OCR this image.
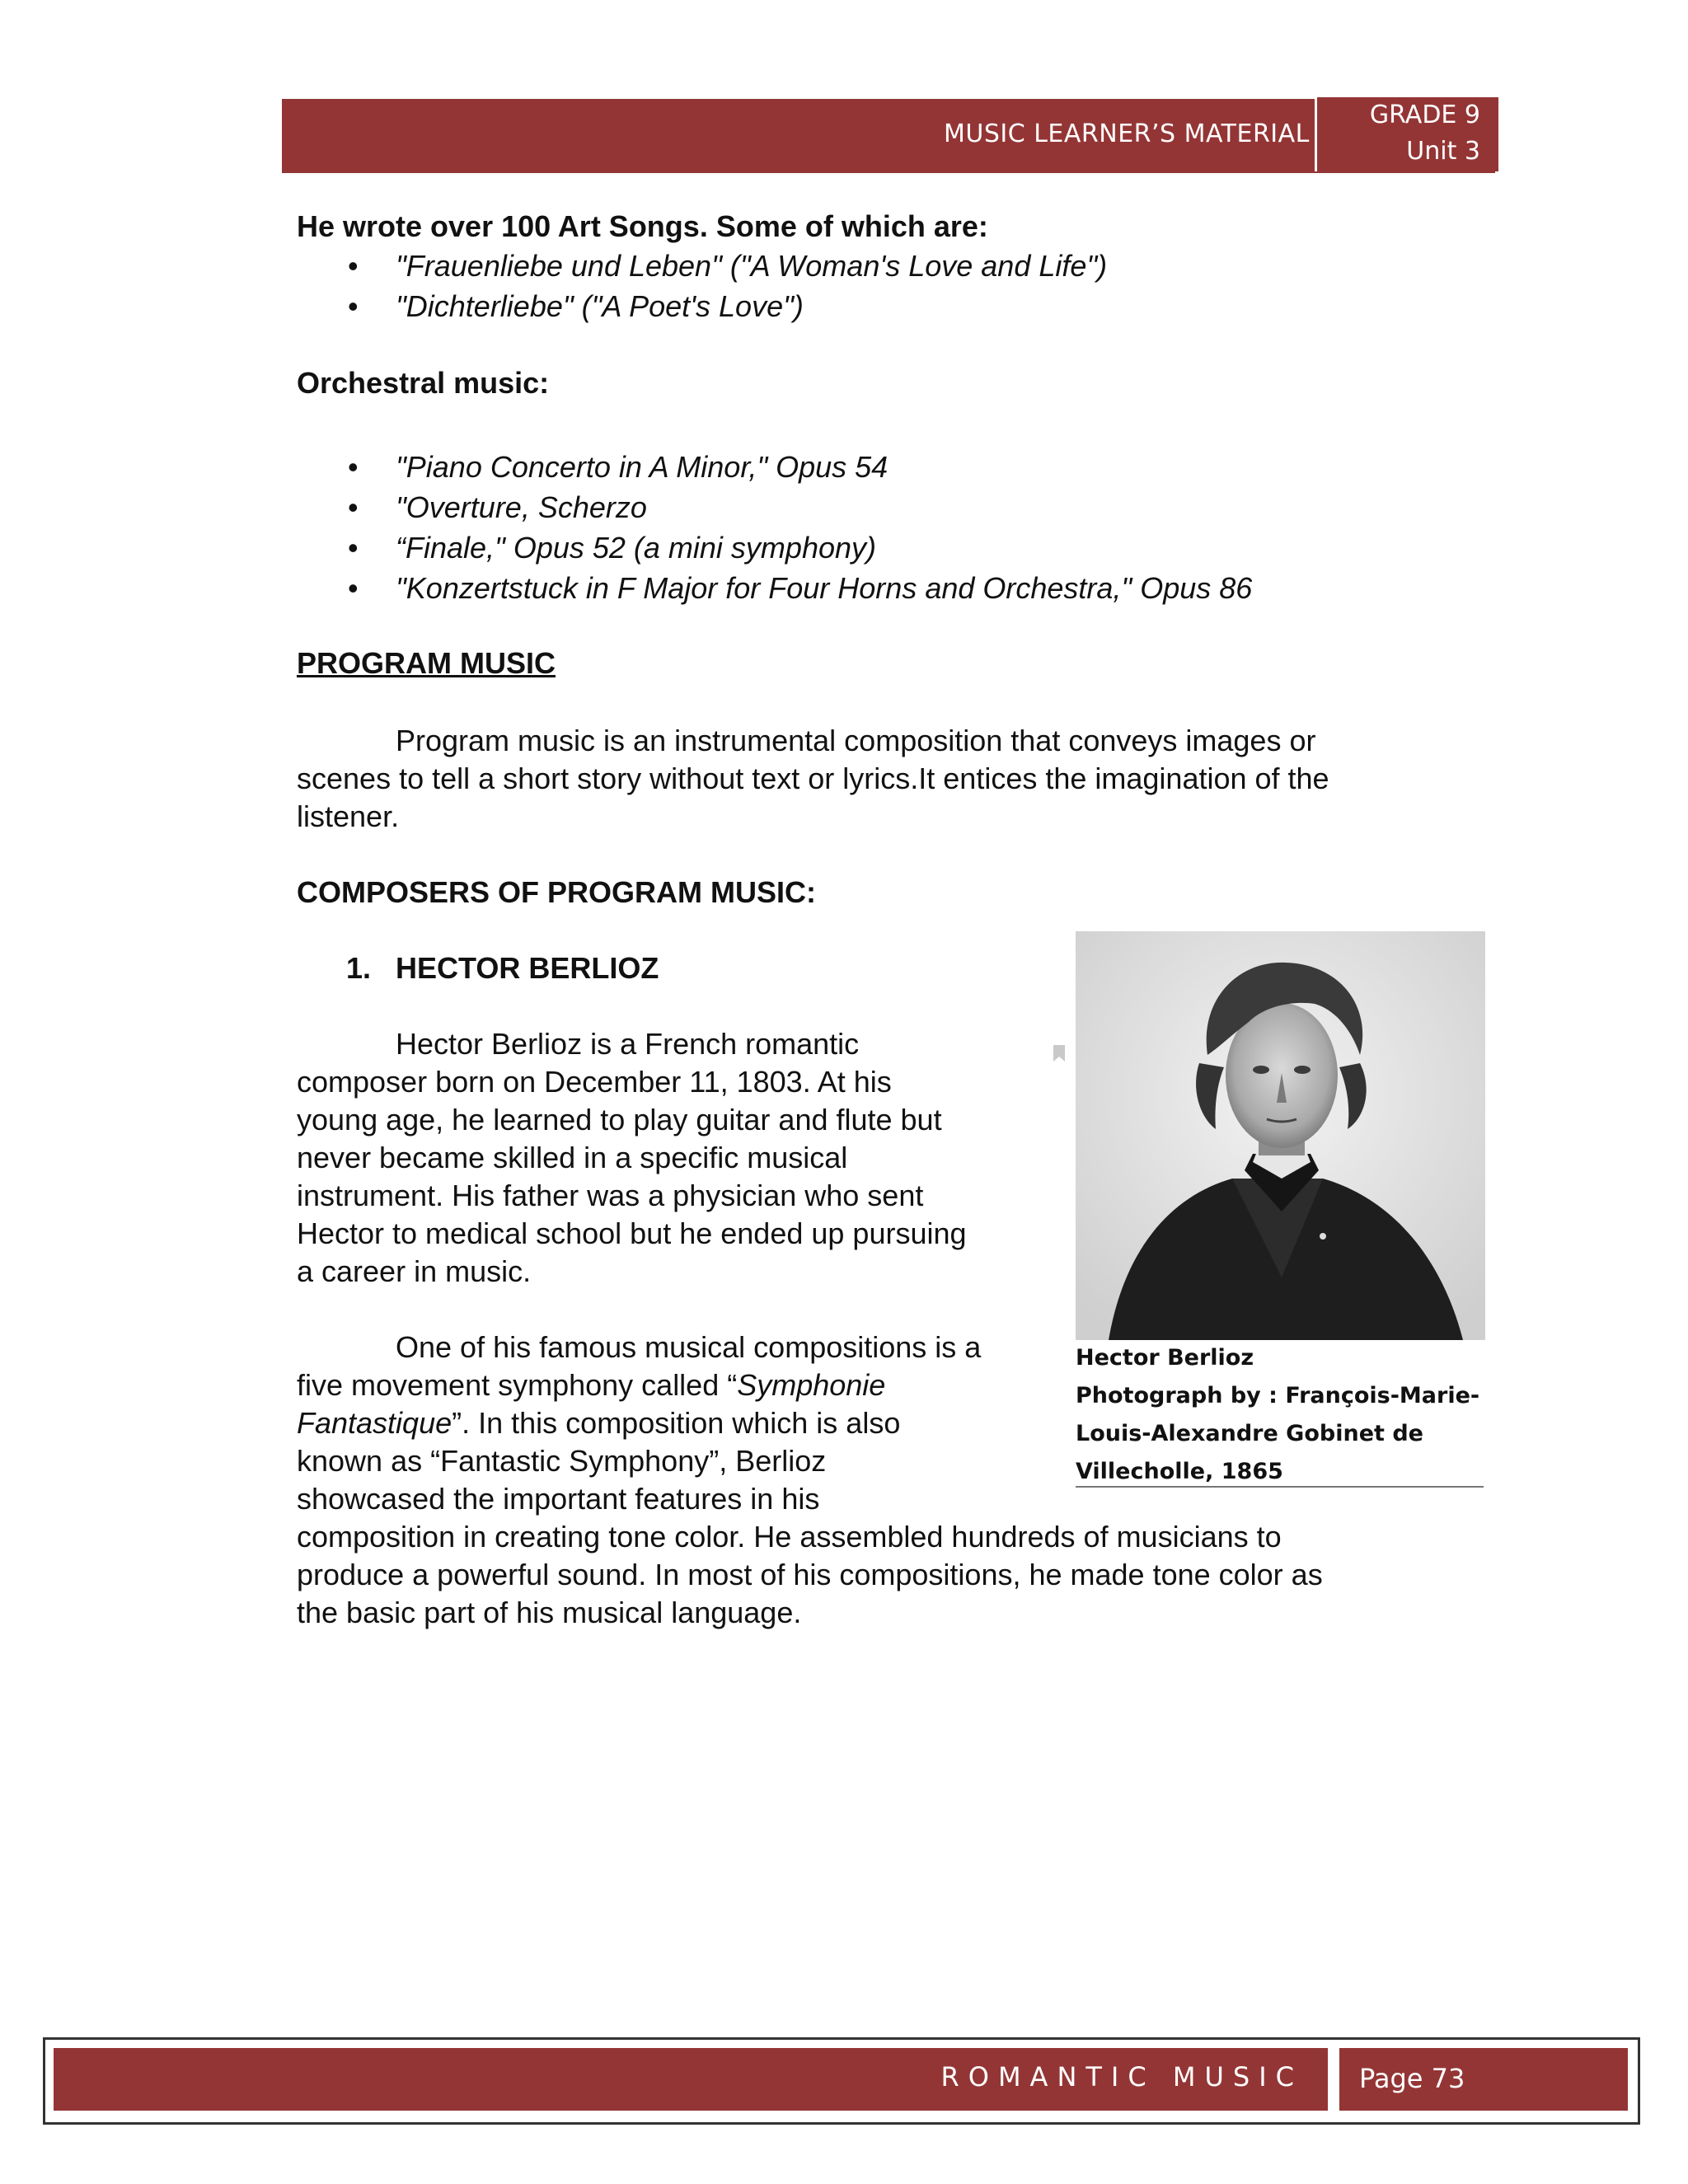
MUSIC LEARNER’S MATERIAL
GRADE 9
Unit 3
He wrote over 100 Art Songs. Some of which are:
• "Frauenliebe und Leben" ("A Woman's Love and Life")
• "Dichterliebe" ("A Poet's Love")
Orchestral music:
• "Piano Concerto in A Minor," Opus 54
• "Overture, Scherzo
• “Finale," Opus 52 (a mini symphony)
• "Konzertstuck in F Major for Four Horns and Orchestra," Opus 86
PROGRAM MUSIC
Program music is an instrumental composition that conveys images or
scenes to tell a short story without text or lyrics.It entices the imagination of the
listener.
COMPOSERS OF PROGRAM MUSIC:
1. HECTOR BERLIOZ
Hector Berlioz is a French romantic
composer born on December 11, 1803. At his
young age, he learned to play guitar and flute but
never became skilled in a specific musical
instrument. His father was a physician who sent
Hector to medical school but he ended up pursuing
a career in music.
One of his famous musical compositions is a
five movement symphony called “Symphonie
Fantastique”. In this composition which is also
known as “Fantastic Symphony”, Berlioz
showcased the important features in his
composition in creating tone color. He assembled hundreds of musicians to
produce a powerful sound. In most of his compositions, he made tone color as
the basic part of his musical language.
Hector Berlioz
Photograph by : François-Marie-
Louis-Alexandre Gobinet de
Villecholle, 1865
ROMANTIC MUSIC Page 73
